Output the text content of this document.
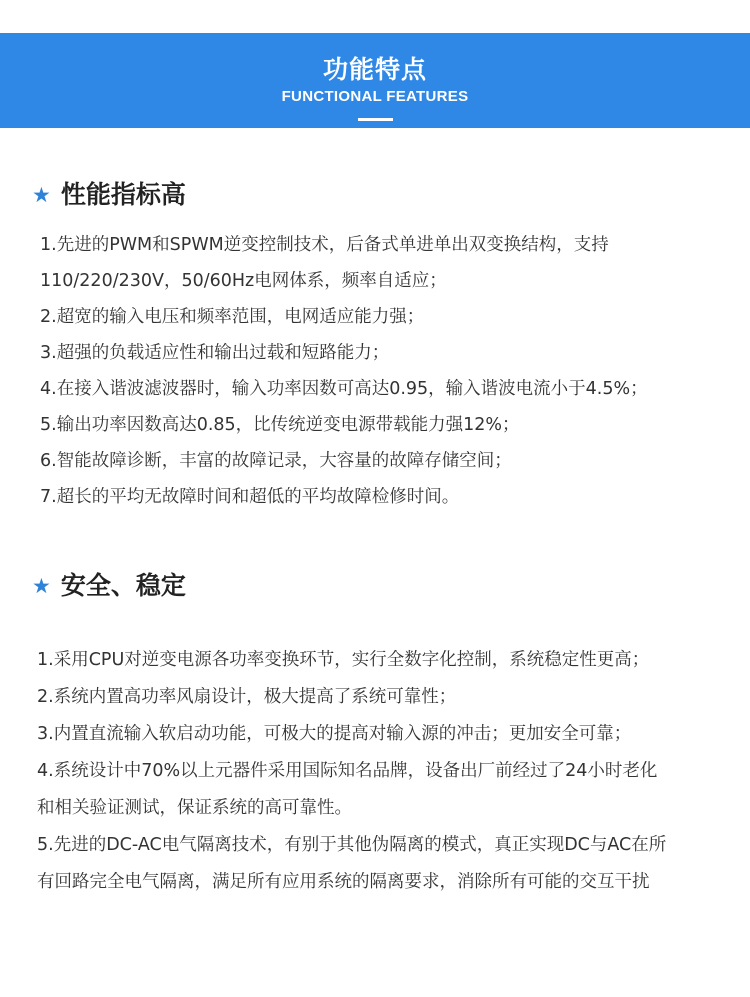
功能特点
FUNCTIONAL FEATURES
★ 性能指标高
1.先进的PWM和SPWM逆变控制技术，后备式单进单出双变换结构，支持
110/220/230V，50/60Hz电网体系，频率自适应；
2.超宽的输入电压和频率范围，电网适应能力强；
3.超强的负载适应性和输出过载和短路能力；
4.在接入谐波滤波器时，输入功率因数可高达0.95，输入谐波电流小于4.5%；
5.输出功率因数高达0.85，比传统逆变电源带载能力强12%；
6.智能故障诊断，丰富的故障记录，大容量的故障存储空间；
7.超长的平均无故障时间和超低的平均故障检修时间。
★ 安全、稳定
1.采用CPU对逆变电源各功率变换环节，实行全数字化控制，系统稳定性更高；
2.系统内置高功率风扇设计，极大提高了系统可靠性；
3.内置直流输入软启动功能，可极大的提高对输入源的冲击；更加安全可靠；
4.系统设计中70%以上元器件采用国际知名品牌，设备出厂前经过了24小时老化
和相关验证测试，保证系统的高可靠性。
5.先进的DC-AC电气隔离技术，有别于其他伪隔离的模式，真正实现DC与AC在所
有回路完全电气隔离，满足所有应用系统的隔离要求，消除所有可能的交互干扰
